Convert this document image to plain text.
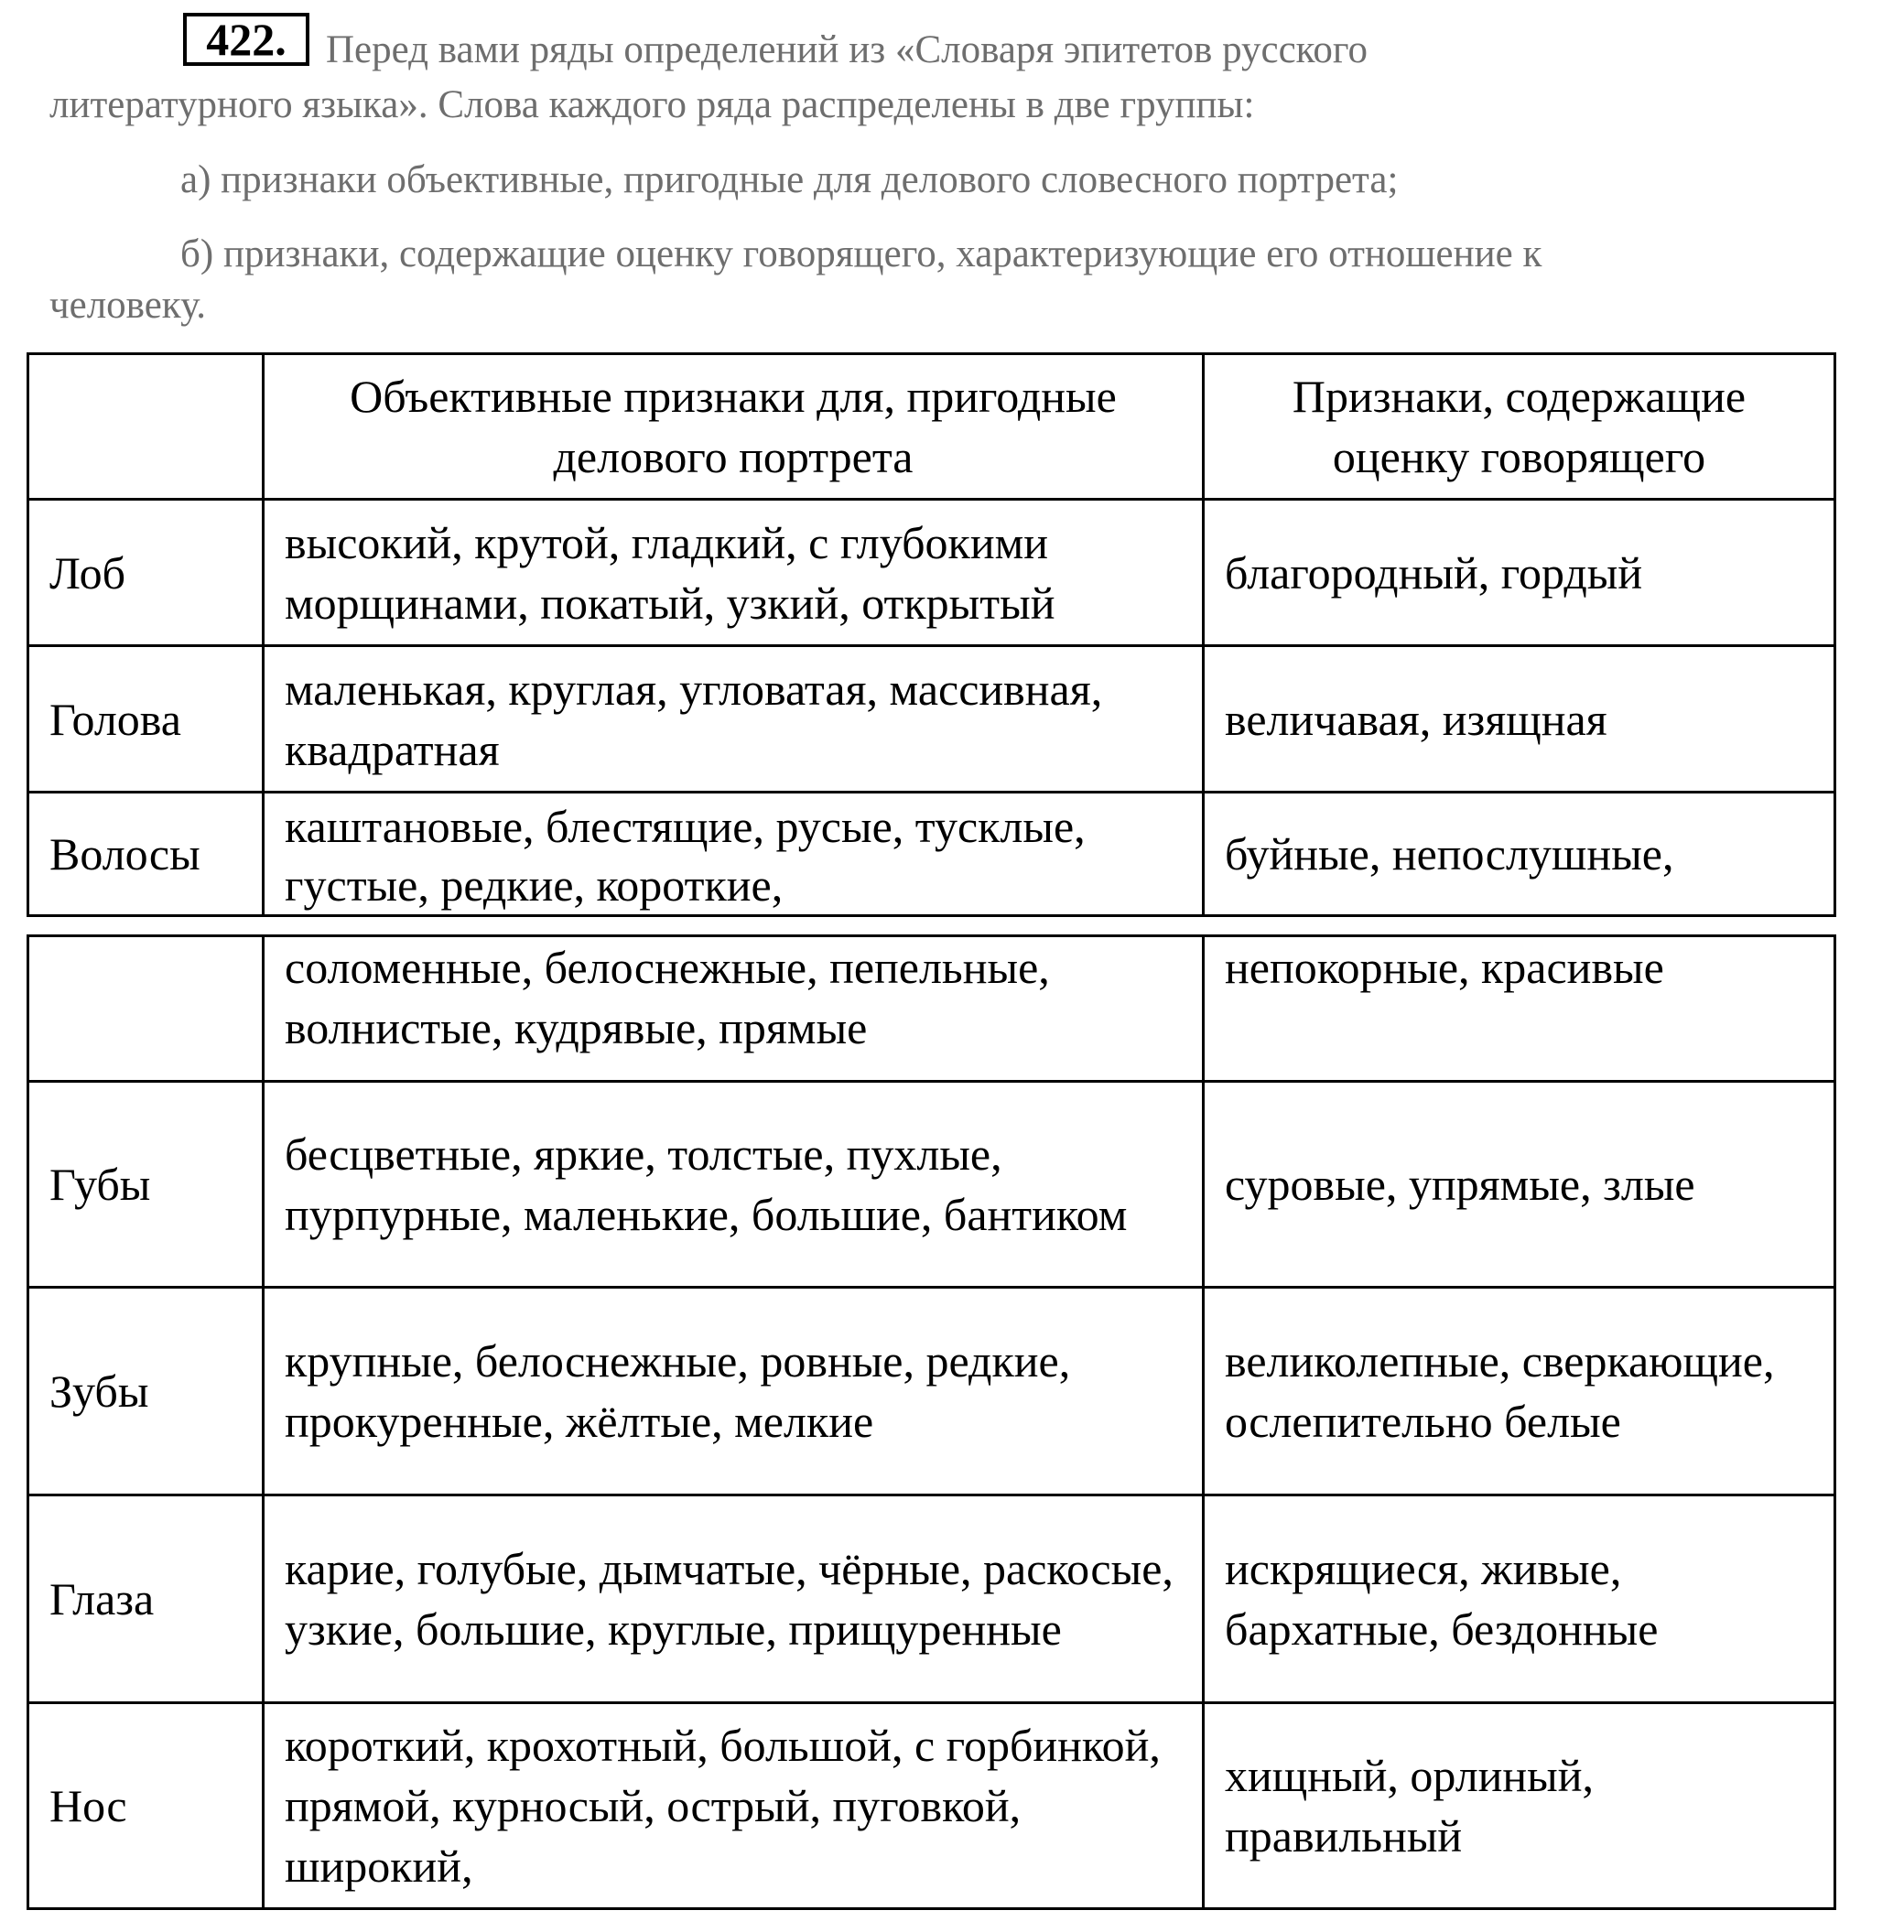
422.	Перед вами ряды определений из «Словаря эпитетов русского
литературного языка». Слова каждого ряда распределены в две группы:
а) признаки объективные, пригодные для делового словесного портрета;
б) признаки, содержащие оценку говорящего, характеризующие его отношение к
человеку.
	Объективные признаки для, пригодные делового портрета	Признаки, содержащие оценку говорящего
Лоб	высокий, крутой, гладкий, с глубокими морщинами, покатый, узкий, открытый	благородный, гордый
Голова	маленькая, круглая, угловатая, массивная, квадратная	величавая, изящная
Волосы	каштановые, блестящие, русые, тусклые, густые, редкие, короткие,	буйные, непослушные,
	соломенные, белоснежные, пепельные, волнистые, кудрявые, прямые	непокорные, красивые
Губы	бесцветные, яркие, толстые, пухлые, пурпурные, маленькие, большие, бантиком	суровые, упрямые, злые
Зубы	крупные, белоснежные, ровные, редкие, прокуренные, жёлтые, мелкие	великолепные, сверкающие, ослепительно белые
Глаза	карие, голубые, дымчатые, чёрные, раскосые, узкие, большие, круглые, прищуренные	искрящиеся, живые, бархатные, бездонные
Нос	короткий, крохотный, большой, с горбинкой, прямой, курносый, острый, пуговкой, широкий,	хищный, орлиный, правильный
